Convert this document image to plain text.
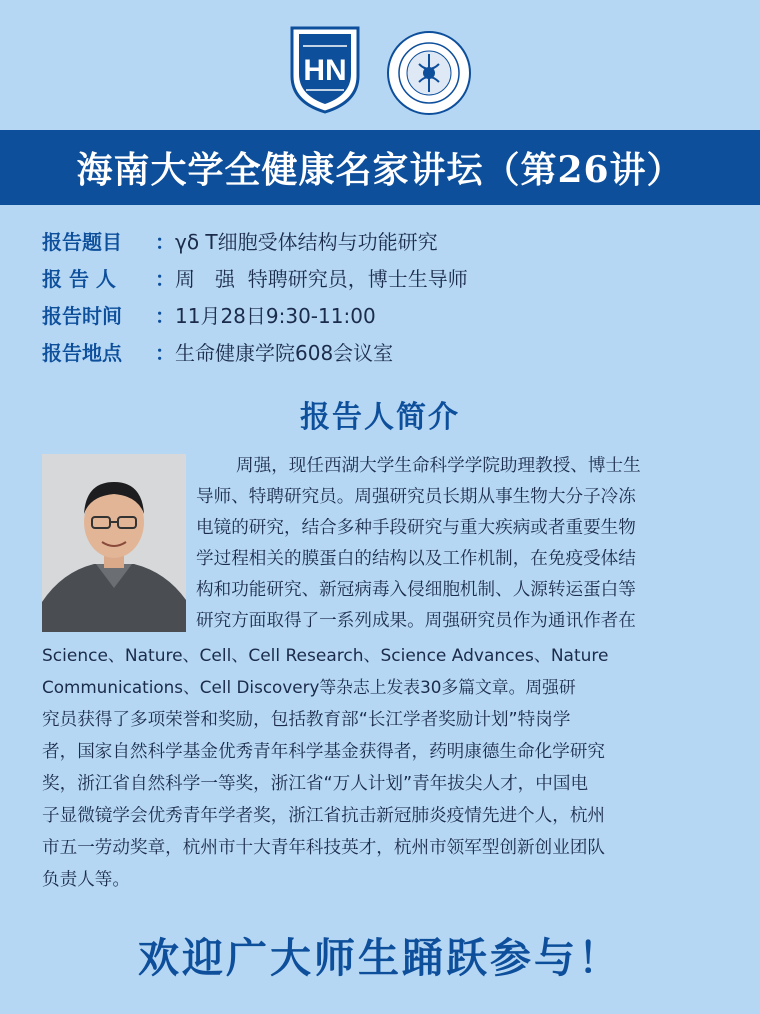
HN
海南大学全健康名家讲坛（第26讲）
报告题目	： γδ T细胞受体结构与功能研究
报 告 人	： 周　强  特聘研究员，博士生导师
报告时间	： 11月28日9:30-11:00
报告地点	： 生命健康学院608会议室
报告人简介
周强，现任西湖大学生命科学学院助理教授、博士生
导师、特聘研究员。周强研究员长期从事生物大分子冷冻
电镜的研究，结合多种手段研究与重大疾病或者重要生物
学过程相关的膜蛋白的结构以及工作机制，在免疫受体结
构和功能研究、新冠病毒入侵细胞机制、人源转运蛋白等
研究方面取得了一系列成果。周强研究员作为通讯作者在
Science、Nature、Cell、Cell Research、Science Advances、Nature
Communications、Cell Discovery等杂志上发表30多篇文章。周强研
究员获得了多项荣誉和奖励，包括教育部“长江学者奖励计划”特岗学
者，国家自然科学基金优秀青年科学基金获得者，药明康德生命化学研究
奖，浙江省自然科学一等奖，浙江省“万人计划”青年拔尖人才，中国电
子显微镜学会优秀青年学者奖，浙江省抗击新冠肺炎疫情先进个人，杭州
市五一劳动奖章，杭州市十大青年科技英才，杭州市领军型创新创业团队
负责人等。
欢迎广大师生踊跃参与！
